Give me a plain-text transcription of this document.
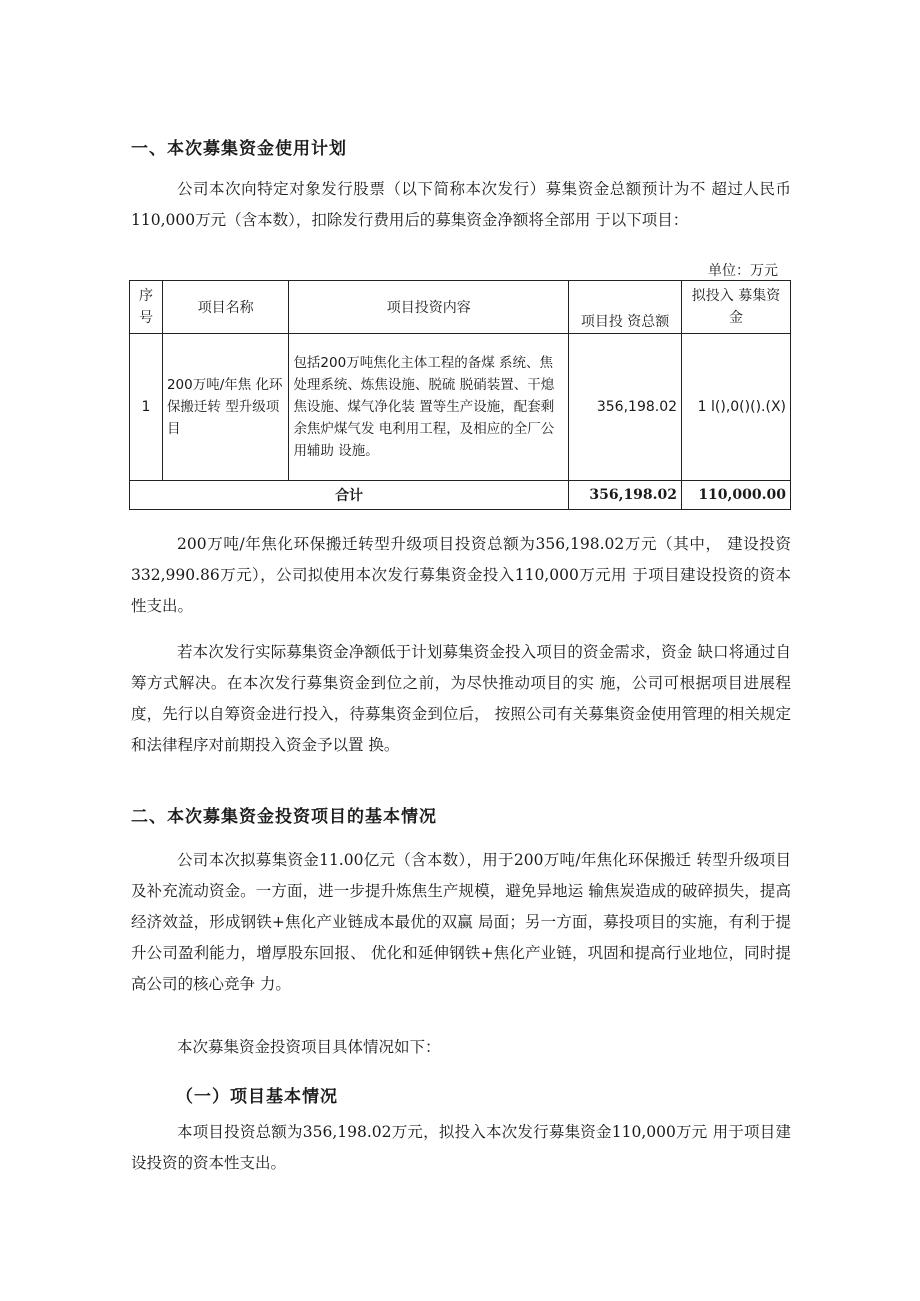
一、本次募集资金使用计划

公司本次向特定对象发行股票（以下简称本次发行）募集资金总额预计为不 超过人民币110,000万元（含本数），扣除发行费用后的募集资金净额将全部用 于以下项目：

单位：万元
序号	项目名称	项目投资内容	项目投 资总额	拟投入 募集资金
1	200万吨/年焦 化环保搬迁转 型升级项目	包括200万吨焦化主体工程的备煤 系统、焦处理系统、炼焦设施、脱硫 脱硝装置、干熄焦设施、煤气净化装 置等生产设施，配套剩余焦炉煤气发 电利用工程，及相应的全厂公用辅助 设施。	356,198.02	1 l(),0()().(X)
合计			356,198.02	110,000.00

200万吨/年焦化环保搬迁转型升级项目投资总额为356,198.02万元（其中， 建设投资332,990.86万元），公司拟使用本次发行募集资金投入110,000万元用 于项目建设投资的资本性支出。

若本次发行实际募集资金净额低于计划募集资金投入项目的资金需求，资金 缺口将通过自筹方式解决。在本次发行募集资金到位之前，为尽快推动项目的实 施，公司可根据项目进展程度，先行以自筹资金进行投入，待募集资金到位后， 按照公司有关募集资金使用管理的相关规定和法律程序对前期投入资金予以置 换。

二、本次募集资金投资项目的基本情况

公司本次拟募集资金11.00亿元（含本数），用于200万吨/年焦化环保搬迁 转型升级项目及补充流动资金。一方面，进一步提升炼焦生产规模，避免异地运 输焦炭造成的破碎损失，提高经济效益，形成钢铁+焦化产业链成本最优的双赢 局面；另一方面，募投项目的实施，有利于提升公司盈利能力，增厚股东回报、 优化和延伸钢铁+焦化产业链，巩固和提高行业地位，同时提高公司的核心竞争 力。

本次募集资金投资项目具体情况如下：

（一）项目基本情况

本项目投资总额为356,198.02万元，拟投入本次发行募集资金110,000万元 用于项目建设投资的资本性支出。
